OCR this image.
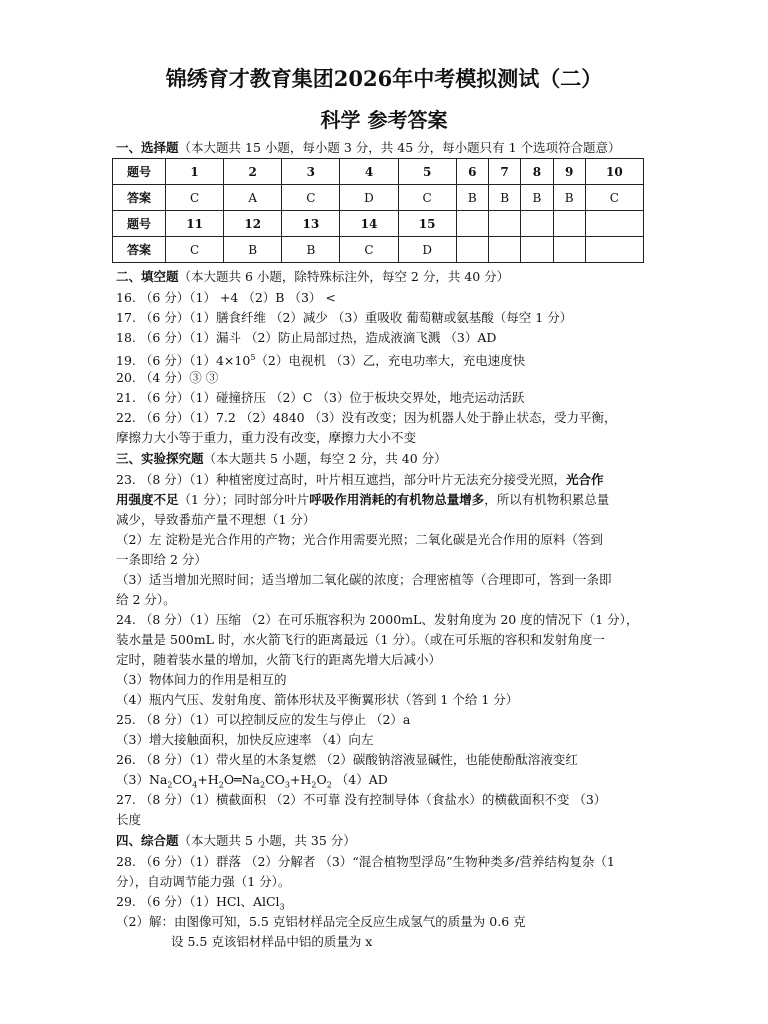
锦绣育才教育集团2026年中考模拟测试（二）
科学 参考答案
一、选择题（本大题共 15 小题，每小题 3 分，共 45 分，每小题只有 1 个选项符合题意）
题号	1	2	3	4	5	6	7	8	9	10
答案	C	A	C	D	C	B	B	B	B	C
题号	11	12	13	14	15					
答案	C	B	B	C	D					
二、填空题（本大题共 6 小题，除特殊标注外，每空 2 分，共 40 分）
16. （6 分）（1） +4 （2）B （3） <
17. （6 分）（1）膳食纤维 （2）减少 （3）重吸收 葡萄糖或氨基酸（每空 1 分）
18. （6 分）（1）漏斗 （2）防止局部过热，造成液滴飞溅 （3）AD
19. （6 分）$(1)4\times 10^5(2)$电视机 （3）乙，充电功率大，充电速度快
20. （4 分）③ ③
21. （6 分）（1）碰撞挤压 （2）C （3）位于板块交界处，地壳运动活跃
22. （6 分）（1）7.2 （2）4840 （3）没有改变；因为机器人处于静止状态，受力平衡，
摩擦力大小等于重力，重力没有改变，摩擦力大小不变
三、实验探究题（本大题共 5 小题，每空 2 分，共 40 分）
23. （8 分）（1）种植密度过高时，叶片相互遮挡，部分叶片无法充分接受光照，光合作
用强度不足（1 分）；同时部分叶片呼吸作用消耗的有机物总量增多，所以有机物积累总量
减少，导致番茄产量不理想（1 分）
（2）左 淀粉是光合作用的产物；光合作用需要光照；二氧化碳是光合作用的原料（答到
一条即给 2 分）
（3）适当增加光照时间；适当增加二氧化碳的浓度；合理密植等（合理即可，答到一条即
给 2 分）。
24. （8 分）（1）压缩 （2）在可乐瓶容积为 2000mL、发射角度为 20 度的情况下（1 分），
装水量是 500mL 时，水火箭飞行的距离最远（1 分）。（或在可乐瓶的容积和发射角度一
定时，随着装水量的增加，火箭飞行的距离先增大后减小）
（3）物体间力的作用是相互的
（4）瓶内气压、发射角度、箭体形状及平衡翼形状（答到 1 个给 1 分）
25. （8 分）（1）可以控制反应的发生与停止 （2）a
（3）增大接触面积，加快反应速率 （4）向左
26. （8 分）（1）带火星的木条复燃 （2）碳酸钠溶液显碱性，也能使酚酞溶液变红
$(3)Na_2CO_4+H_2O═Na_2CO_3+H_2O_2$ （4）AD
27. （8 分）（1）横截面积 （2）不可靠 没有控制导体（食盐水）的横截面积不变 （3）
长度
四、综合题（本大题共 5 小题，共 35 分）
28. （6 分）（1）群落 （2）分解者 （3）“混合植物型浮岛”生物种类多/营养结构复杂（1
分），自动调节能力强（1 分）。
29. （6 分）（1）HCl、AlCl$_3$
（2）解：由图像可知，5.5 克铝材样品完全反应生成氢气的质量为 0.6 克
设 5.5 克该铝材样品中铝的质量为 x
